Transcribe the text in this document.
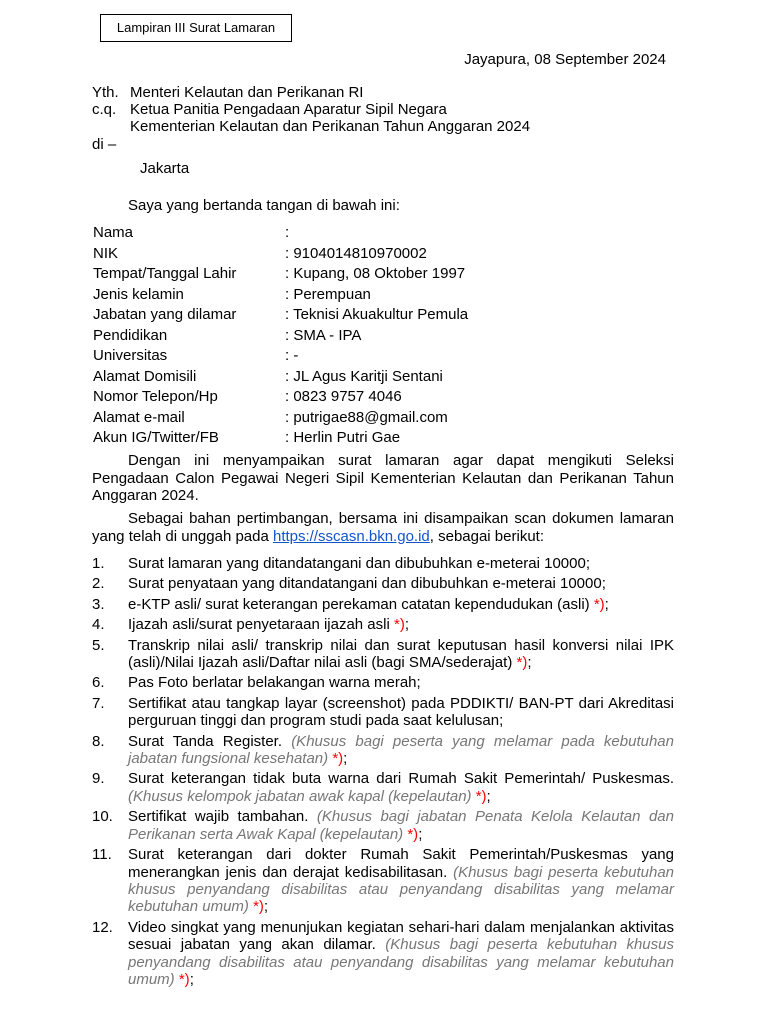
Lampiran III Surat Lamaran
Jayapura, 08 September 2024
Yth. Menteri Kelautan dan Perikanan RI
c.q. Ketua Panitia Pengadaan Aparatur Sipil Negara
Kementerian Kelautan dan Perikanan Tahun Anggaran 2024
di –
Jakarta
Saya yang bertanda tangan di bawah ini:
Nama	:
NIK	: 9104014810970002
Tempat/Tanggal Lahir	: Kupang, 08 Oktober 1997
Jenis kelamin	: Perempuan
Jabatan yang dilamar	: Teknisi Akuakultur Pemula
Pendidikan	: SMA - IPA
Universitas	: -
Alamat Domisili	: JL Agus Karitji Sentani
Nomor Telepon/Hp	: 0823 9757 4046
Alamat e-mail	: putrigae88@gmail.com
Akun IG/Twitter/FB	: Herlin Putri Gae
Dengan ini menyampaikan surat lamaran agar dapat mengikuti Seleksi Pengadaan Calon Pegawai Negeri Sipil Kementerian Kelautan dan Perikanan Tahun Anggaran 2024.
Sebagai bahan pertimbangan, bersama ini disampaikan scan dokumen lamaran yang telah di unggah pada https://sscasn.bkn.go.id, sebagai berikut:
1.	Surat lamaran yang ditandatangani dan dibubuhkan e-meterai 10000;
2.	Surat penyataan yang ditandatangani dan dibubuhkan e-meterai 10000;
3.	e-KTP asli/ surat keterangan perekaman catatan kependudukan (asli) *);
4.	Ijazah asli/surat penyetaraan ijazah asli *);
5.	Transkrip nilai asli/ transkrip nilai dan surat keputusan hasil konversi nilai IPK (asli)/Nilai Ijazah asli/Daftar nilai asli (bagi SMA/sederajat) *);
6.	Pas Foto berlatar belakangan warna merah;
7.	Sertifikat atau tangkap layar (screenshot) pada PDDIKTI/ BAN-PT dari Akreditasi perguruan tinggi dan program studi pada saat kelulusan;
8.	Surat Tanda Register. (Khusus bagi peserta yang melamar pada kebutuhan jabatan fungsional kesehatan) *);
9.	Surat keterangan tidak buta warna dari Rumah Sakit Pemerintah/ Puskesmas. (Khusus kelompok jabatan awak kapal (kepelautan) *);
10.	Sertifikat wajib tambahan. (Khusus bagi jabatan Penata Kelola Kelautan dan Perikanan serta Awak Kapal (kepelautan) *);
11.	Surat keterangan dari dokter Rumah Sakit Pemerintah/Puskesmas yang menerangkan jenis dan derajat kedisabilitasan. (Khusus bagi peserta kebutuhan khusus penyandang disabilitas atau penyandang disabilitas yang melamar kebutuhan umum) *);
12.	Video singkat yang menunjukan kegiatan sehari-hari dalam menjalankan aktivitas sesuai jabatan yang akan dilamar. (Khusus bagi peserta kebutuhan khusus penyandang disabilitas atau penyandang disabilitas yang melamar kebutuhan umum) *);
